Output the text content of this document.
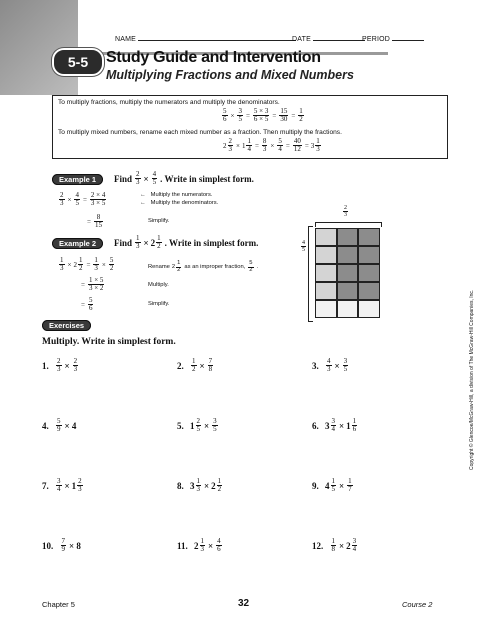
NAME	DATE	PERIOD
5-5	Study Guide and Intervention
Multiplying Fractions and Mixed Numbers
To multiply fractions, multiply the numerators and multiply the denominators.
5
6 ×
3
5 =
5 × 3
6 × 5 =
15
30 =
1
2
To multiply mixed numbers, rename each mixed number as a fraction. Then multiply the fractions.
2
2
3 × 1
1
4 =
8
3 ×
5
4 =
40
12 = 3
1
3
Example 1	Find 2
3 × 4
5 . Write in simplest form.
2
3 ×
4
5 =
2 × 4
3 × 5
← Multiply the numerators.
← Multiply the denominators.
=
8
15	Simplify.
Example 2	Find 1
3 × 2 1
2 . Write in simplest form.
1
3 × 2
1
2 =
1
3 ×
5
2	Rename 2
1
2 as an improper fraction,
5
2 .
=
1 × 5
3 × 2	Multiply.
=
5
6	Simplify.
$\frac{4}{5}$
$\frac{2}{3}$
Exercises
Multiply. Write in simplest form.
1.
2
3 × 2
3	2.
1
2 × 7
8	3.
4
3 × 3
5
4.
5
9 × 4	5.
1 2
5 × 3
5	6.
3 3
4 × 1 1
6
7.
3
4 × 1 2
3	8.
3 1
3 × 2 1
2	9.
4 1
5 × 1
7
10.
7
9 × 8	11.
2 1
3 × 4
6	12.
1
8 × 2 3
4
Copyright © Glencoe/McGraw-Hill, a division of The McGraw-Hill Companies, Inc.
Chapter 5	32	Course 2
